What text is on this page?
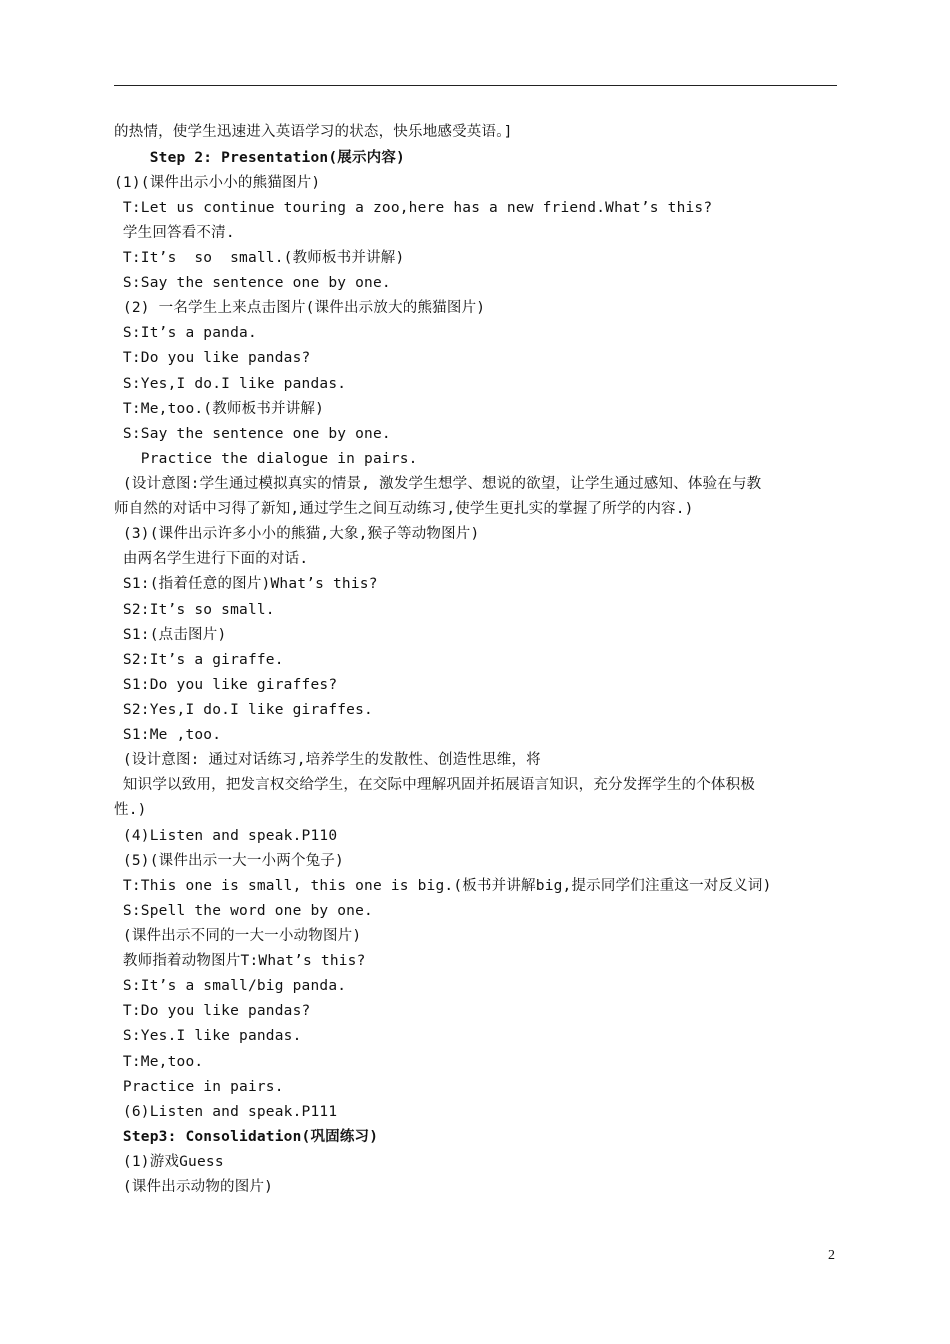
的热情，使学生迅速进入英语学习的状态，快乐地感受英语。]
Step 2: Presentation(展示内容)
(1)(课件出示小小的熊猫图片)
T:Let us continue touring a zoo,here has a new friend.What’s this?
学生回答看不清.
T:It’s  so  small.(教师板书并讲解)
S:Say the sentence one by one.
(2) 一名学生上来点击图片(课件出示放大的熊猫图片)
S:It’s a panda.
T:Do you like pandas?
S:Yes,I do.I like pandas.
T:Me,too.(教师板书并讲解)
S:Say the sentence one by one.
Practice the dialogue in pairs.
(设计意图:学生通过模拟真实的情景, 激发学生想学、想说的欲望，让学生通过感知、体验在与教
师自然的对话中习得了新知,通过学生之间互动练习,使学生更扎实的掌握了所学的内容.)
(3)(课件出示许多小小的熊猫,大象,猴子等动物图片)
由两名学生进行下面的对话.
S1:(指着任意的图片)What’s this?
S2:It’s so small.
S1:(点击图片)
S2:It’s a giraffe.
S1:Do you like giraffes?
S2:Yes,I do.I like giraffes.
S1:Me ,too.
(设计意图: 通过对话练习,培养学生的发散性、创造性思维，将
知识学以致用，把发言权交给学生，在交际中理解巩固并拓展语言知识，充分发挥学生的个体积极
性.)
(4)Listen and speak.P110
(5)(课件出示一大一小两个兔子)
T:This one is small, this one is big.(板书并讲解big,提示同学们注重这一对反义词)
S:Spell the word one by one.
(课件出示不同的一大一小动物图片)
教师指着动物图片T:What’s this?
S:It’s a small/big panda.
T:Do you like pandas?
S:Yes.I like pandas.
T:Me,too.
Practice in pairs.
(6)Listen and speak.P111
Step3: Consolidation(巩固练习)
(1)游戏Guess
(课件出示动物的图片)
2
